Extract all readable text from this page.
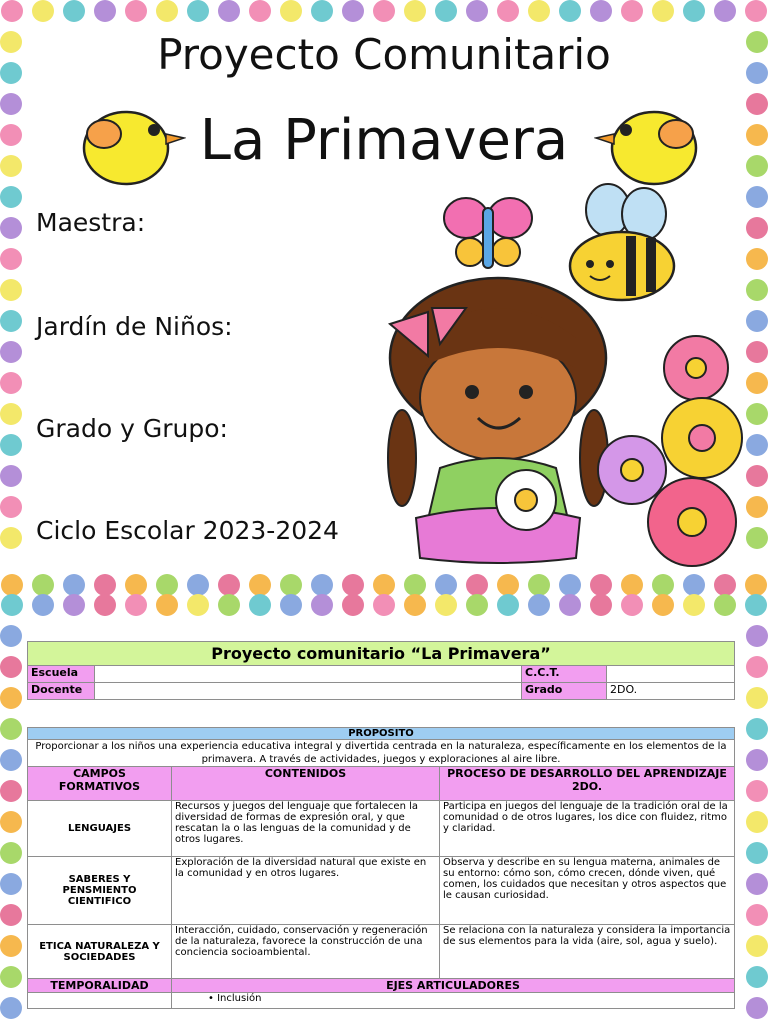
Proyecto Comunitario
La Primavera
Maestra:
Jardín de Niños:
Grado y Grupo:
Ciclo Escolar 2023-2024
Proyecto comunitario “La Primavera”			
Escuela		C.C.T.	
Docente		Grado	2DO.
PROPOSITO		
Proporcionar a los niños una experiencia educativa integral y divertida centrada en la naturaleza, específicamente en los elementos de la primavera. A través de actividades, juegos y exploraciones al aire libre.		
CAMPOS FORMATIVOS	CONTENIDOS	PROCESO DE DESARROLLO DEL APRENDIZAJE 2DO.
LENGUAJES	Recursos y juegos del lenguaje que fortalecen la diversidad de formas de expresión oral, y que rescatan la o las lenguas de la comunidad y de otros lugares.	Participa en juegos del lenguaje de la tradición oral de la comunidad o de otros lugares, los dice con fluidez, ritmo y claridad.
SABERES Y PENSMIENTO CIENTIFICO	Exploración de la diversidad natural que existe en la comunidad y en otros lugares.	Observa y describe en su lengua materna, animales de su entorno: cómo son, cómo crecen, dónde viven, qué comen, los cuidados que necesitan y otros aspectos que le causan curiosidad.
ETICA NATURALEZA Y SOCIEDADES	Interacción, cuidado, conservación y regeneración de la naturaleza, favorece la construcción de una conciencia socioambiental.	Se relaciona con la naturaleza y considera la importancia de sus elementos para la vida (aire, sol, agua y suelo).
TEMPORALIDAD	EJES ARTICULADORES	
	• Inclusión	
